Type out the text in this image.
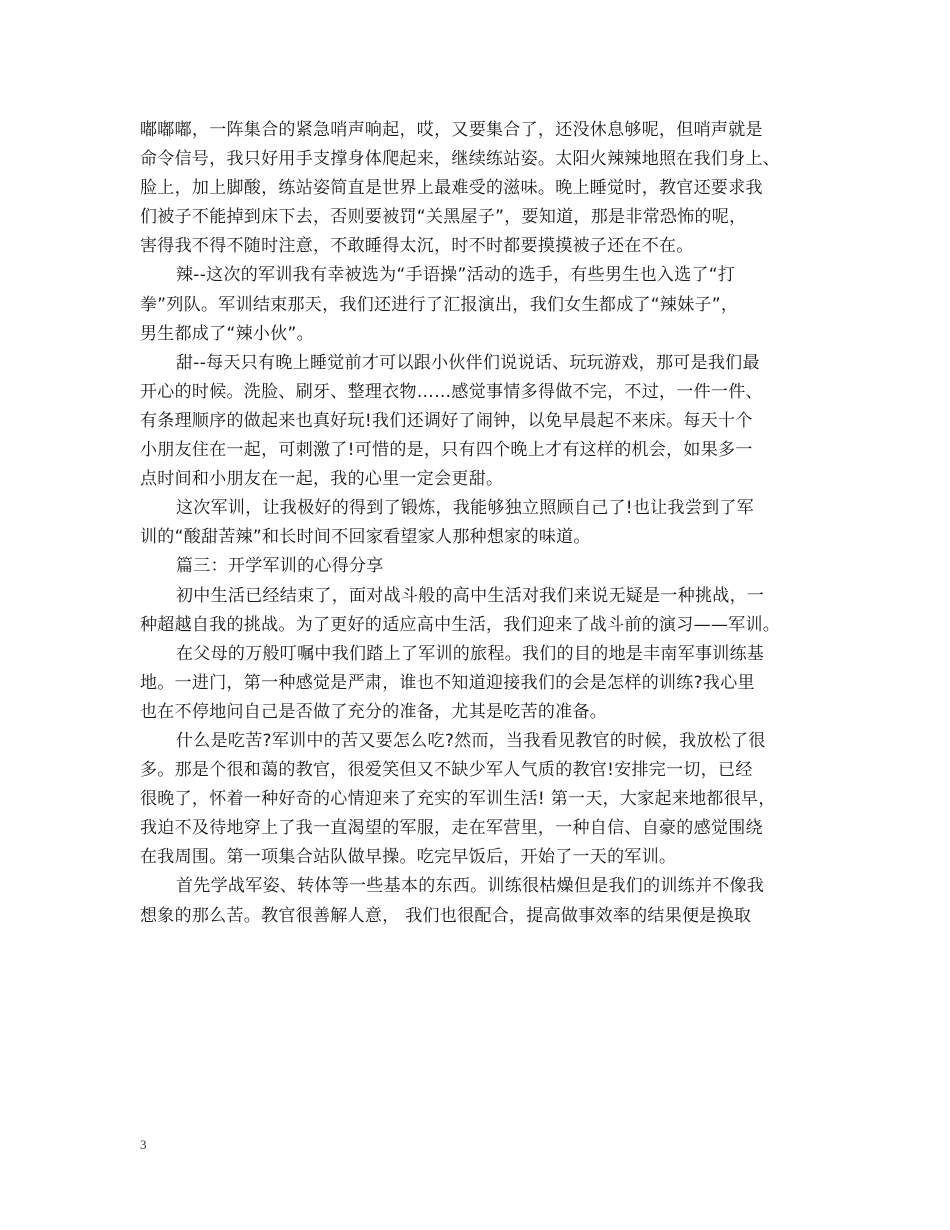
嘟嘟嘟，一阵集合的紧急哨声响起，哎，又要集合了，还没休息够呢，但哨声就是
命令信号，我只好用手支撑身体爬起来，继续练站姿。太阳火辣辣地照在我们身上、
脸上，加上脚酸，练站姿简直是世界上最难受的滋味。晚上睡觉时，教官还要求我
们被子不能掉到床下去，否则要被罚“关黑屋子”，要知道，那是非常恐怖的呢，
害得我不得不随时注意，不敢睡得太沉，时不时都要摸摸被子还在不在。
辣--这次的军训我有幸被选为“手语操”活动的选手，有些男生也入选了“打
拳”列队。军训结束那天，我们还进行了汇报演出，我们女生都成了“辣妹子”，
男生都成了“辣小伙”。
甜--每天只有晚上睡觉前才可以跟小伙伴们说说话、玩玩游戏，那可是我们最
开心的时候。洗脸、刷牙、整理衣物……感觉事情多得做不完，不过，一件一件、
有条理顺序的做起来也真好玩!我们还调好了闹钟，以免早晨起不来床。每天十个
小朋友住在一起，可刺激了!可惜的是，只有四个晚上才有这样的机会，如果多一
点时间和小朋友在一起，我的心里一定会更甜。
这次军训，让我极好的得到了锻炼，我能够独立照顾自己了!也让我尝到了军
训的“酸甜苦辣”和长时间不回家看望家人那种想家的味道。
篇三：开学军训的心得分享
初中生活已经结束了，面对战斗般的高中生活对我们来说无疑是一种挑战，一
种超越自我的挑战。为了更好的适应高中生活，我们迎来了战斗前的演习——军训。
在父母的万般叮嘱中我们踏上了军训的旅程。我们的目的地是丰南军事训练基
地。一进门，第一种感觉是严肃，谁也不知道迎接我们的会是怎样的训练?我心里
也在不停地问自己是否做了充分的准备，尤其是吃苦的准备。
什么是吃苦?军训中的苦又要怎么吃?然而，当我看见教官的时候，我放松了很
多。那是个很和蔼的教官，很爱笑但又不缺少军人气质的教官!安排完一切，已经
很晚了，怀着一种好奇的心情迎来了充实的军训生活! 第一天，大家起来地都很早，
我迫不及待地穿上了我一直渴望的军服，走在军营里，一种自信、自豪的感觉围绕
在我周围。第一项集合站队做早操。吃完早饭后，开始了一天的军训。
首先学战军姿、转体等一些基本的东西。训练很枯燥但是我们的训练并不像我
想象的那么苦。教官很善解人意， 我们也很配合，提高做事效率的结果便是换取
3
